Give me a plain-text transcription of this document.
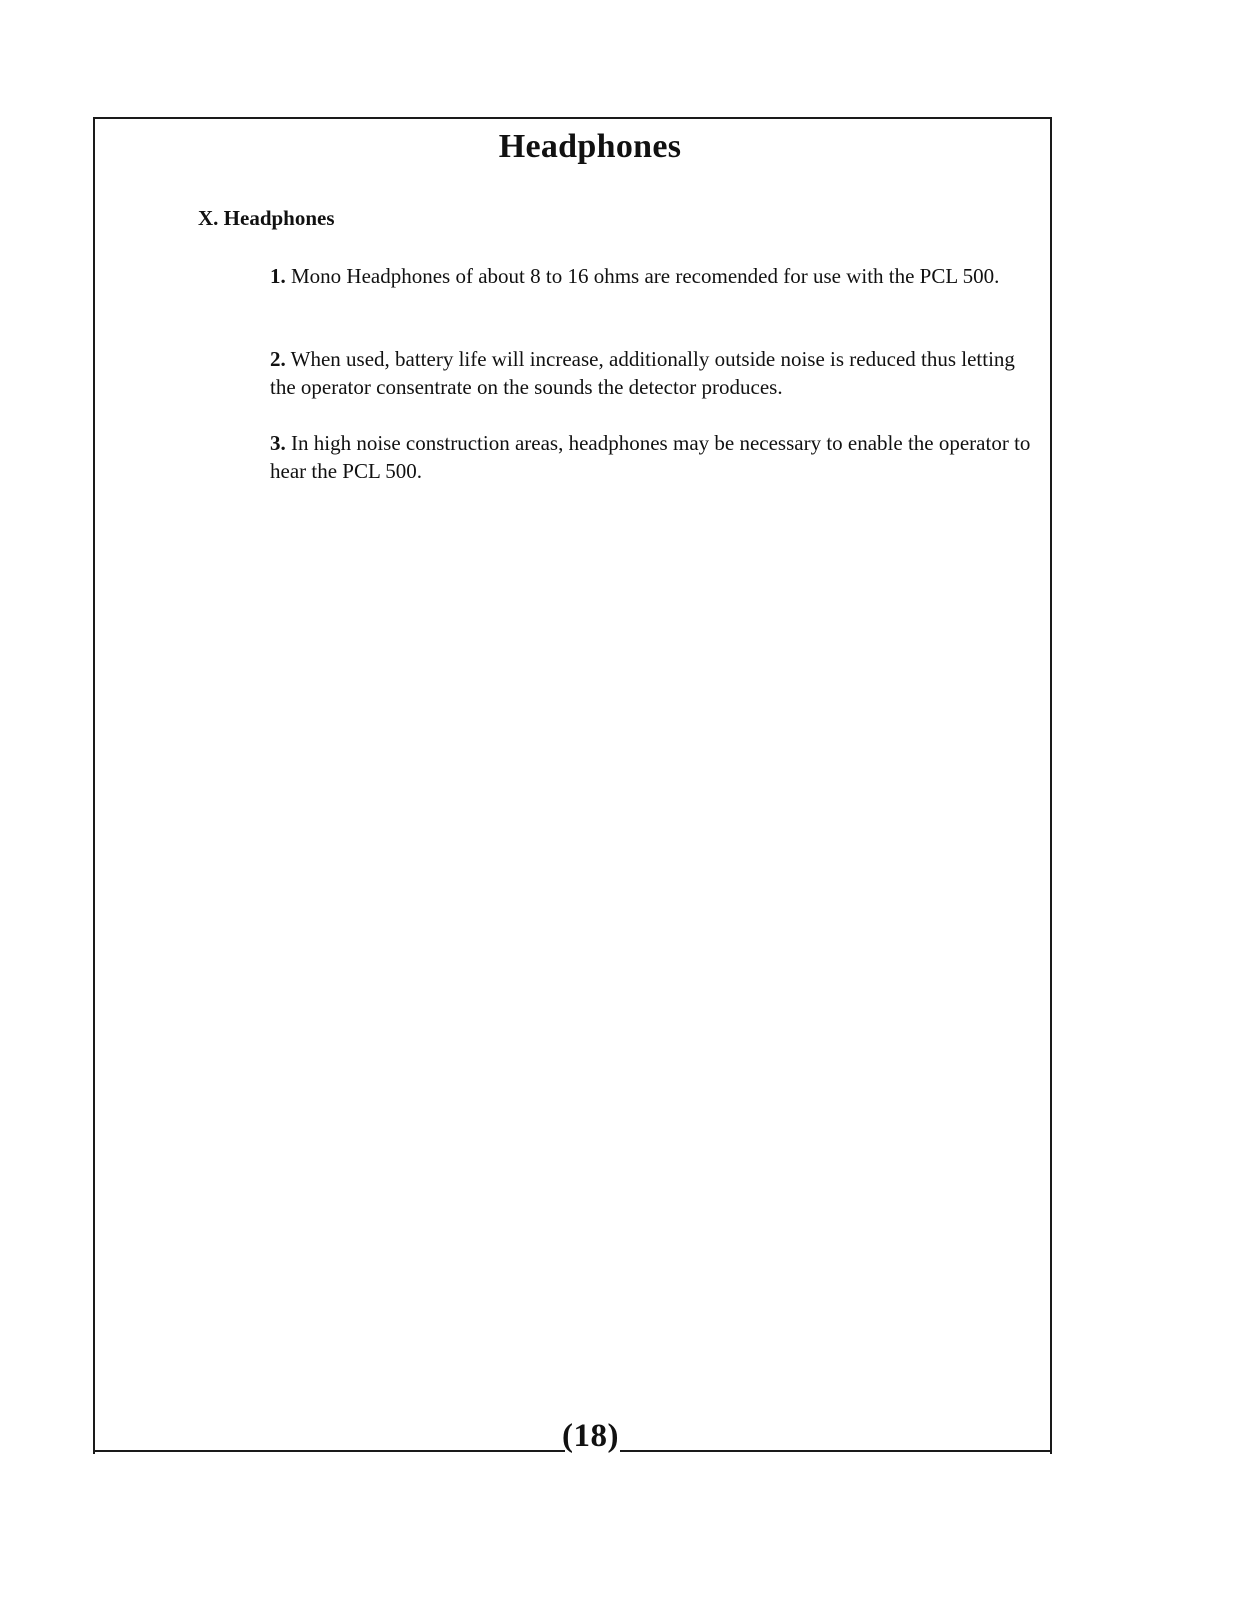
Headphones
X. Headphones
1. Mono Headphones of about 8 to 16 ohms are recomended for use with the PCL 500.
2. When used, battery life will increase, additionally outside noise is reduced thus letting the operator consentrate on the sounds the detector produces.
3. In high noise construction areas, headphones may be necessary to enable the operator to hear the PCL 500.
(18)
